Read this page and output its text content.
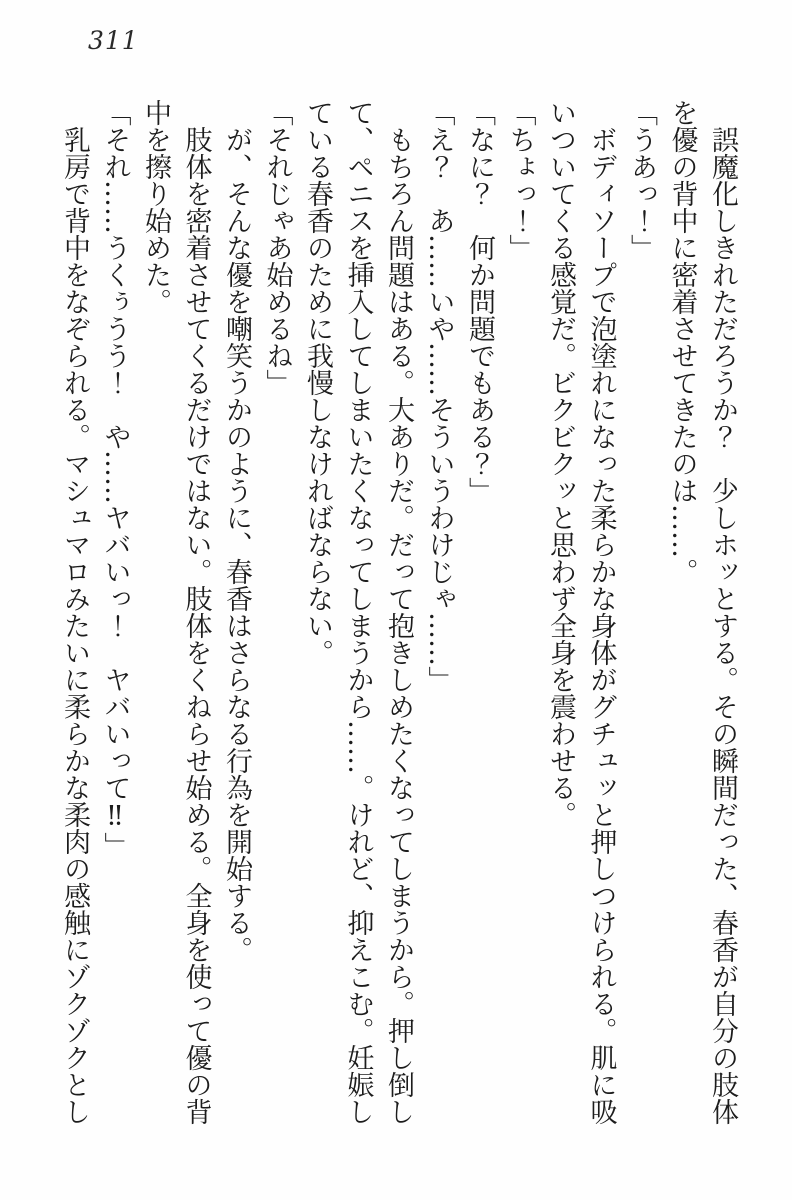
311

　誤魔化しきれただろうか？　少しホッとする。その瞬間だった、春香が自分の肢体を優の背中に密着させてきたのは……。

「うあっ！」

　ボディソープで泡塗れになった柔らかな身体がグチュッと押しつけられる。肌に吸いついてくる感覚だ。ビクビクッと思わず全身を震わせる。

「ちょっ！」

「なに？　何か問題でもある？」

「え？　あ……いや……そういうわけじゃ……」

　もちろん問題はある。大ありだ。だって抱きしめたくなってしまうから。押し倒して、ペニスを挿入してしまいたくなってしまうから……。けれど、抑えこむ。妊娠している春香のために我慢しなければならない。

「それじゃあ始めるね」

　が、そんな優を嘲笑うかのように、春香はさらなる行為を開始する。

　肢体を密着させてくるだけではない。肢体をくねらせ始める。全身を使って優の背中を擦り始めた。

「それ……うくぅうう！　や……ヤバいっ！　ヤバいって‼」

　乳房で背中をなぞられる。マシュマロみたいに柔らかな柔肉の感触にゾクゾクとし
